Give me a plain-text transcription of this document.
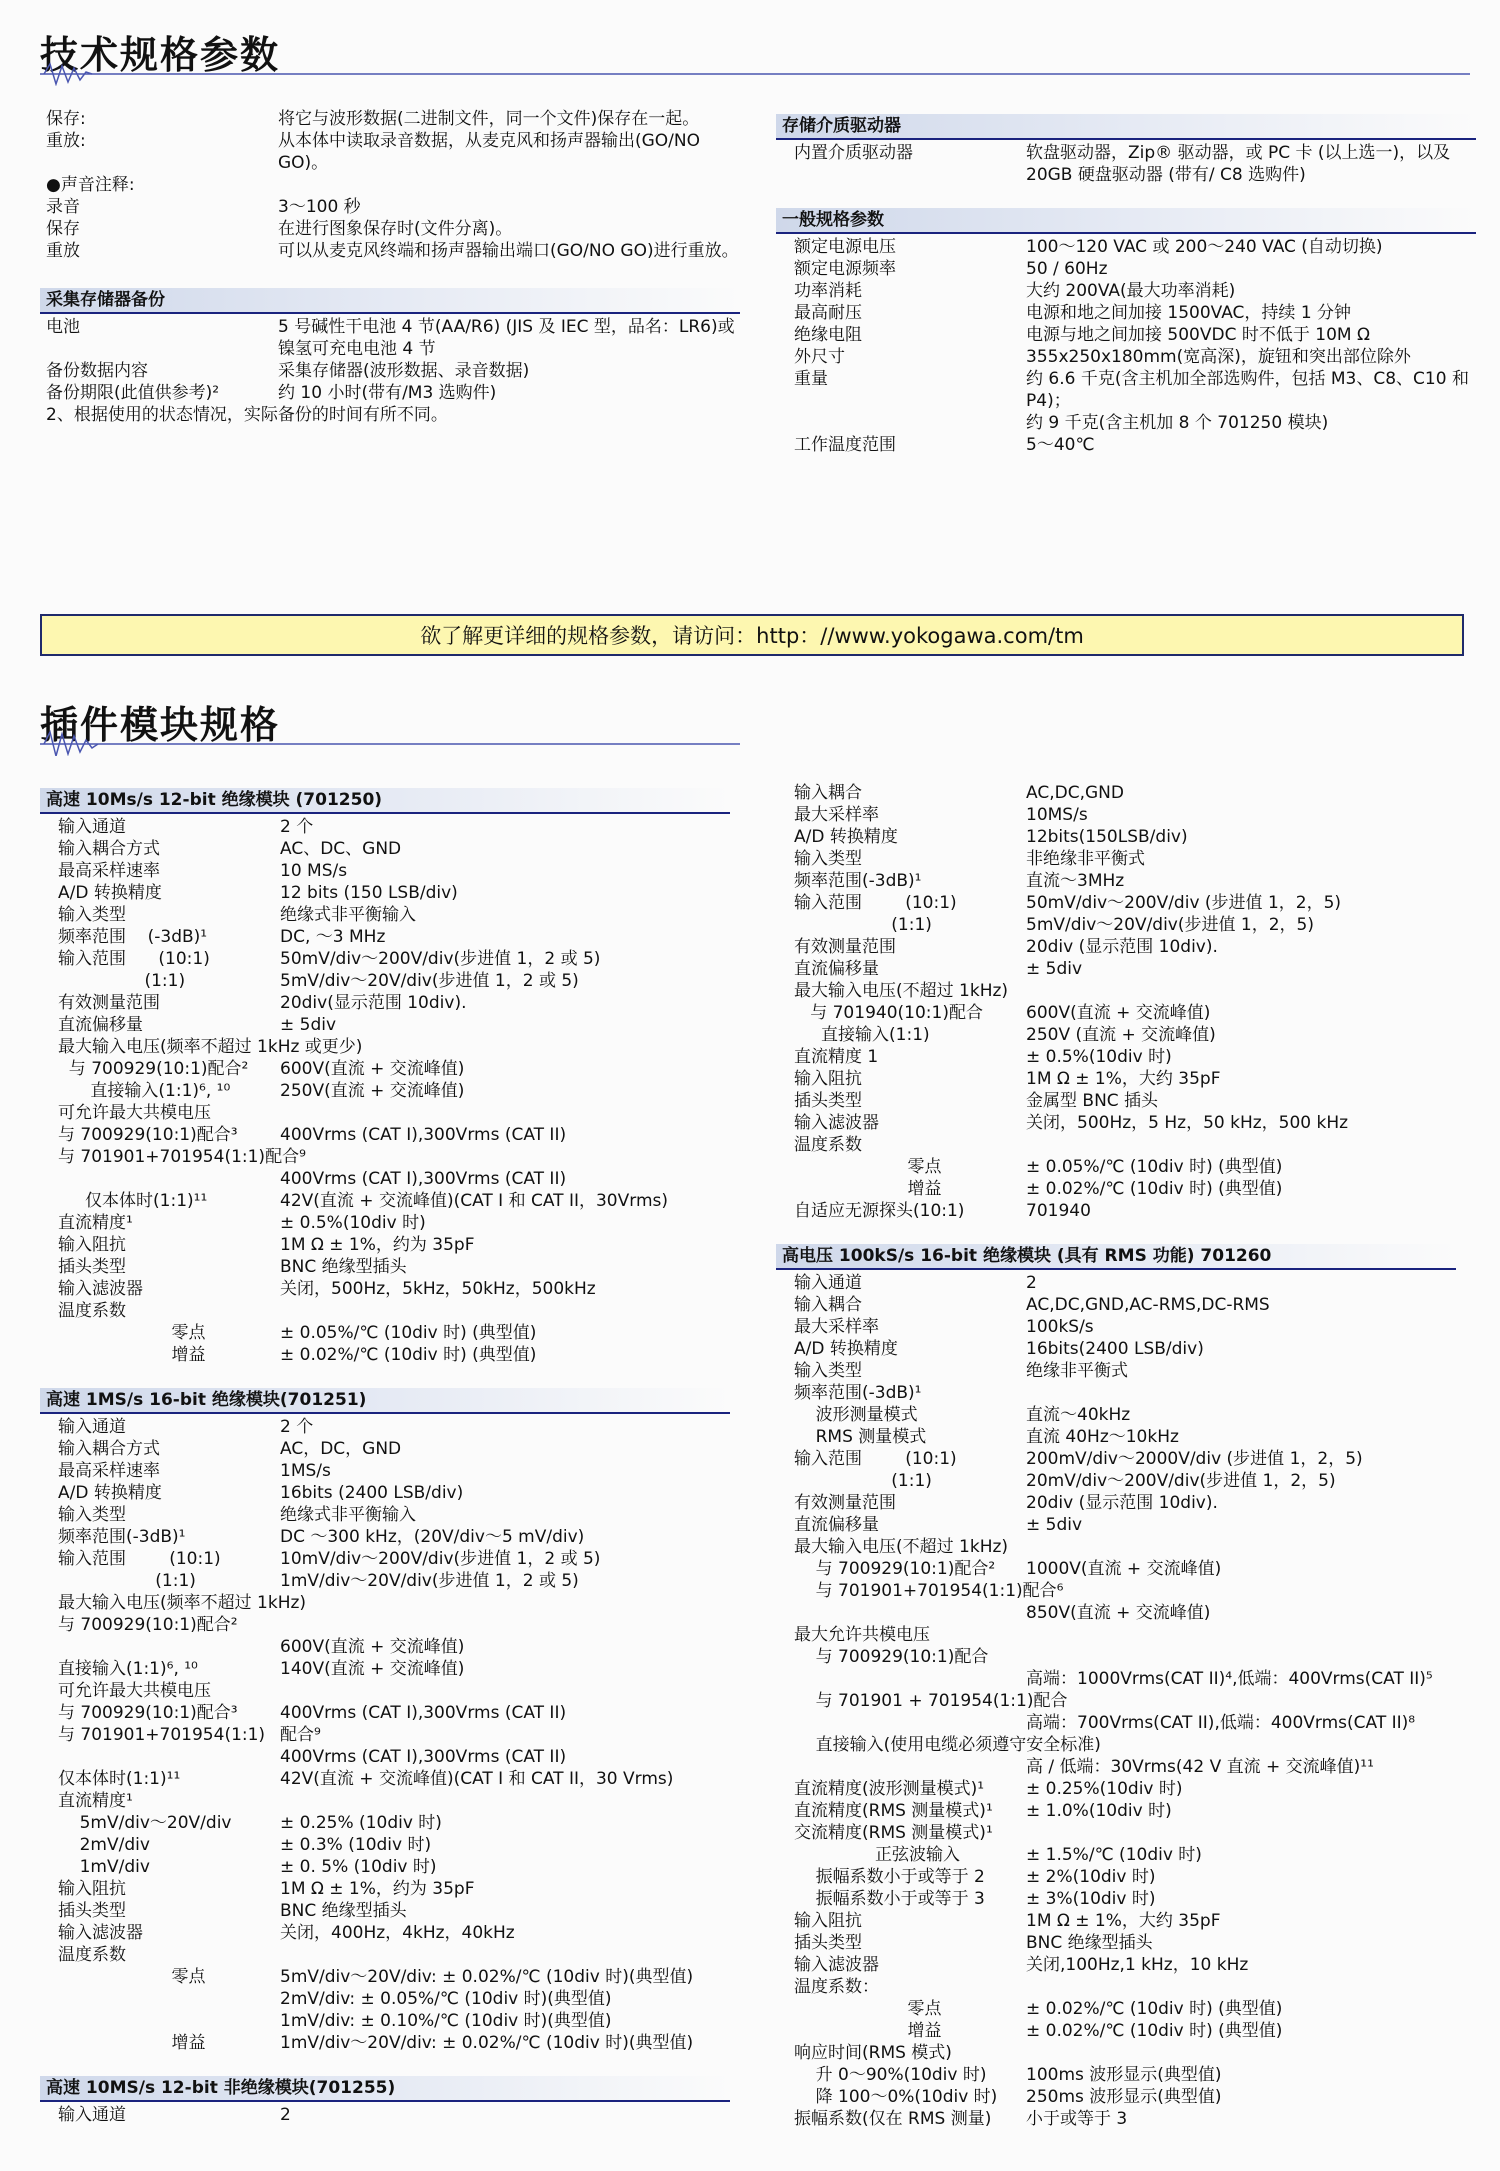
技术规格参数
插件模块规格
欲了解更详细的规格参数，请访问：http：//www.yokogawa.com/tm
保存:	将它与波形数据(二进制文件，同一个文件)保存在一起。
重放:	从本体中读取录音数据，从麦克风和扬声器输出(GO/NO GO)。
●声音注释:
录音	3～100 秒
保存	在进行图象保存时(文件分离)。
重放	可以从麦克风终端和扬声器输出端口(GO/NO GO)进行重放。
采集存储器备份
电池	5 号碱性干电池 4 节(AA/R6) (JIS 及 IEC 型，品名：LR6)或镍氢可充电电池 4 节
备份数据内容	采集存储器(波形数据、录音数据)
备份期限(此值供参考)²	约 10 小时(带有/M3 选购件)
2、根据使用的状态情况，实际备份的时间有所不同。
存储介质驱动器
内置介质驱动器	软盘驱动器，Zip® 驱动器，或 PC 卡 (以上选一)，以及 20GB 硬盘驱动器 (带有/ C8 选购件)
一般规格参数
额定电源电压	100～120 VAC 或 200～240 VAC (自动切换)
额定电源频率	50 / 60Hz
功率消耗	大约 200VA(最大功率消耗)
最高耐压	电源和地之间加接 1500VAC，持续 1 分钟
绝缘电阻	电源与地之间加接 500VDC 时不低于 10M Ω
外尺寸	355x250x180mm(宽高深)，旋钮和突出部位除外
重量	约 6.6 千克(含主机加全部选购件，包括 M3、C8、C10 和 P4)；
约 9 千克(含主机加 8 个 701250 模块)
工作温度范围	5～40℃
高速 10Ms/s 12-bit 绝缘模块 (701250)
输入通道	2 个
输入耦合方式	AC、DC、GND
最高采样速率	10 MS/s
A/D 转换精度	12 bits (150 LSB/div)
输入类型	绝缘式非平衡输入
频率范围    (-3dB)¹	DC, ～3 MHz
输入范围      (10:1)	50mV/div～200V/div(步进值 1，2 或 5)
(1:1)	5mV/div～20V/div(步进值 1，2 或 5)
有效测量范围	20div(显示范围 10div).
直流偏移量	± 5div
最大输入电压(频率不超过 1kHz 或更少)
与 700929(10:1)配合²	600V(直流 + 交流峰值)
直接输入(1:1)⁶, ¹⁰	250V(直流 + 交流峰值)
可允许最大共模电压
与 700929(10:1)配合³	400Vrms (CAT I),300Vrms (CAT II)
与 701901+701954(1:1)配合⁹
400Vrms (CAT I),300Vrms (CAT II)
仅本体时(1:1)¹¹	42V(直流 + 交流峰值)(CAT I 和 CAT II，30Vrms)
直流精度¹	± 0.5%(10div 时)
输入阻抗	1M Ω ± 1%，约为 35pF
插头类型	BNC 绝缘型插头
输入滤波器	关闭，500Hz，5kHz，50kHz，500kHz
温度系数
零点	± 0.05%/℃ (10div 时) (典型值)
增益	± 0.02%/℃ (10div 时) (典型值)
高速 1MS/s 16-bit 绝缘模块(701251)
输入通道	2 个
输入耦合方式	AC，DC，GND
最高采样速率	1MS/s
A/D 转换精度	16bits (2400 LSB/div)
输入类型	绝缘式非平衡输入
频率范围(-3dB)¹	DC ～300 kHz，(20V/div～5 mV/div)
输入范围        (10:1)	10mV/div～200V/div(步进值 1，2 或 5)
(1:1)	1mV/div～20V/div(步进值 1，2 或 5)
最大输入电压(频率不超过 1kHz)
与 700929(10:1)配合²
600V(直流 + 交流峰值)
直接输入(1:1)⁶, ¹⁰	140V(直流 + 交流峰值)
可允许最大共模电压
与 700929(10:1)配合³	400Vrms (CAT I),300Vrms (CAT II)
与 701901+701954(1:1) 配合⁹
400Vrms (CAT I),300Vrms (CAT II)
仅本体时(1:1)¹¹	42V(直流 + 交流峰值)(CAT I 和 CAT II，30 Vrms)
直流精度¹
5mV/div～20V/div	± 0.25% (10div 时)
2mV/div	± 0.3% (10div 时)
1mV/div	± 0. 5% (10div 时)
输入阻抗	1M Ω ± 1%，约为 35pF
插头类型	BNC 绝缘型插头
输入滤波器	关闭，400Hz，4kHz，40kHz
温度系数
零点	5mV/div～20V/div: ± 0.02%/℃ (10div 时)(典型值)
2mV/div: ± 0.05%/℃ (10div 时)(典型值)
1mV/div: ± 0.10%/℃ (10div 时)(典型值)
增益	1mV/div～20V/div: ± 0.02%/℃ (10div 时)(典型值)
高速 10MS/s 12-bit 非绝缘模块(701255)
输入通道	2
输入耦合	AC,DC,GND
最大采样率	10MS/s
A/D 转换精度	12bits(150LSB/div)
输入类型	非绝缘非平衡式
频率范围(-3dB)¹	直流～3MHz
输入范围        (10:1)	50mV/div～200V/div (步进值 1，2，5)
(1:1)	5mV/div～20V/div(步进值 1，2，5)
有效测量范围	20div (显示范围 10div).
直流偏移量	± 5div
最大输入电压(不超过 1kHz)
与 701940(10:1)配合	600V(直流 + 交流峰值)
直接输入(1:1)	250V (直流 + 交流峰值)
直流精度 1	± 0.5%(10div 时)
输入阻抗	1M Ω ± 1%，大约 35pF
插头类型	金属型 BNC 插头
输入滤波器	关闭，500Hz，5 Hz，50 kHz，500 kHz
温度系数
零点	± 0.05%/℃ (10div 时) (典型值)
增益	± 0.02%/℃ (10div 时) (典型值)
自适应无源探头(10:1)	701940
高电压 100kS/s 16-bit 绝缘模块 (具有 RMS 功能) 701260
输入通道	2
输入耦合	AC,DC,GND,AC-RMS,DC-RMS
最大采样率	100kS/s
A/D 转换精度	16bits(2400 LSB/div)
输入类型	绝缘非平衡式
频率范围(-3dB)¹
波形测量模式	直流～40kHz
RMS 测量模式	直流 40Hz～10kHz
输入范围        (10:1)	200mV/div～2000V/div (步进值 1，2，5)
(1:1)	20mV/div～200V/div(步进值 1，2，5)
有效测量范围	20div (显示范围 10div).
直流偏移量	± 5div
最大输入电压(不超过 1kHz)
与 700929(10:1)配合²	1000V(直流 + 交流峰值)
与 701901+701954(1:1)配合⁶
850V(直流 + 交流峰值)
最大允许共模电压
与 700929(10:1)配合
高端：1000Vrms(CAT II)⁴,低端：400Vrms(CAT II)⁵
与 701901 + 701954(1:1)配合
高端：700Vrms(CAT II),低端：400Vrms(CAT II)⁸
直接输入(使用电缆必须遵守安全标准)
高 / 低端：30Vrms(42 V 直流 + 交流峰值)¹¹
直流精度(波形测量模式)¹	± 0.25%(10div 时)
直流精度(RMS 测量模式)¹	± 1.0%(10div 时)
交流精度(RMS 测量模式)¹
正弦波输入	± 1.5%/℃ (10div 时)
振幅系数小于或等于 2	± 2%(10div 时)
振幅系数小于或等于 3	± 3%(10div 时)
输入阻抗	1M Ω ± 1%，大约 35pF
插头类型	BNC 绝缘型插头
输入滤波器	关闭,100Hz,1 kHz，10 kHz
温度系数：
零点	± 0.02%/℃ (10div 时) (典型值)
增益	± 0.02%/℃ (10div 时) (典型值)
响应时间(RMS 模式)
升 0～90%(10div 时)	100ms 波形显示(典型值)
降 100～0%(10div 时)	250ms 波形显示(典型值)
振幅系数(仅在 RMS 测量)	小于或等于 3
